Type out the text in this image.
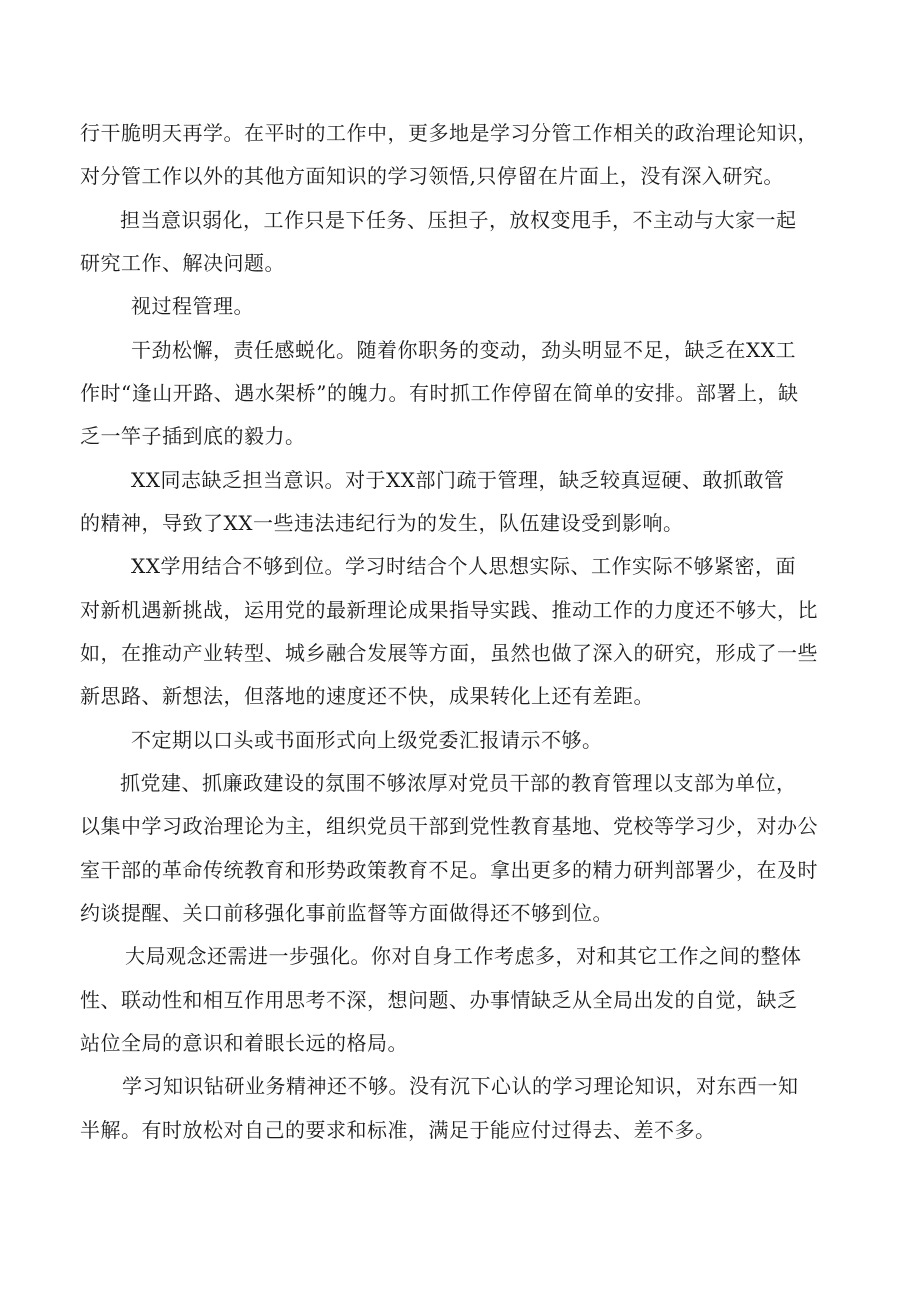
行干脆明天再学。在平时的工作中，更多地是学习分管工作相关的政治理论知识，
对分管工作以外的其他方面知识的学习领悟,只停留在片面上，没有深入研究。
担当意识弱化，工作只是下任务、压担子，放权变甩手，不主动与大家一起
研究工作、解决问题。
视过程管理。
干劲松懈，责任感蜕化。随着你职务的变动，劲头明显不足，缺乏在XX工
作时“逢山开路、遇水架桥”的魄力。有时抓工作停留在简单的安排。部署上，缺
乏一竿子插到底的毅力。
XX同志缺乏担当意识。对于XX部门疏于管理，缺乏较真逗硬、敢抓敢管
的精神，导致了XX一些违法违纪行为的发生，队伍建设受到影响。
XX学用结合不够到位。学习时结合个人思想实际、工作实际不够紧密，面
对新机遇新挑战，运用党的最新理论成果指导实践、推动工作的力度还不够大，比
如，在推动产业转型、城乡融合发展等方面，虽然也做了深入的研究，形成了一些
新思路、新想法，但落地的速度还不快，成果转化上还有差距。
不定期以口头或书面形式向上级党委汇报请示不够。
抓党建、抓廉政建设的氛围不够浓厚对党员干部的教育管理以支部为单位，
以集中学习政治理论为主，组织党员干部到党性教育基地、党校等学习少，对办公
室干部的革命传统教育和形势政策教育不足。拿出更多的精力研判部署少，在及时
约谈提醒、关口前移强化事前监督等方面做得还不够到位。
大局观念还需进一步强化。你对自身工作考虑多，对和其它工作之间的整体
性、联动性和相互作用思考不深，想问题、办事情缺乏从全局出发的自觉，缺乏
站位全局的意识和着眼长远的格局。
学习知识钻研业务精神还不够。没有沉下心认的学习理论知识，对东西一知
半解。有时放松对自己的要求和标准，满足于能应付过得去、差不多。
